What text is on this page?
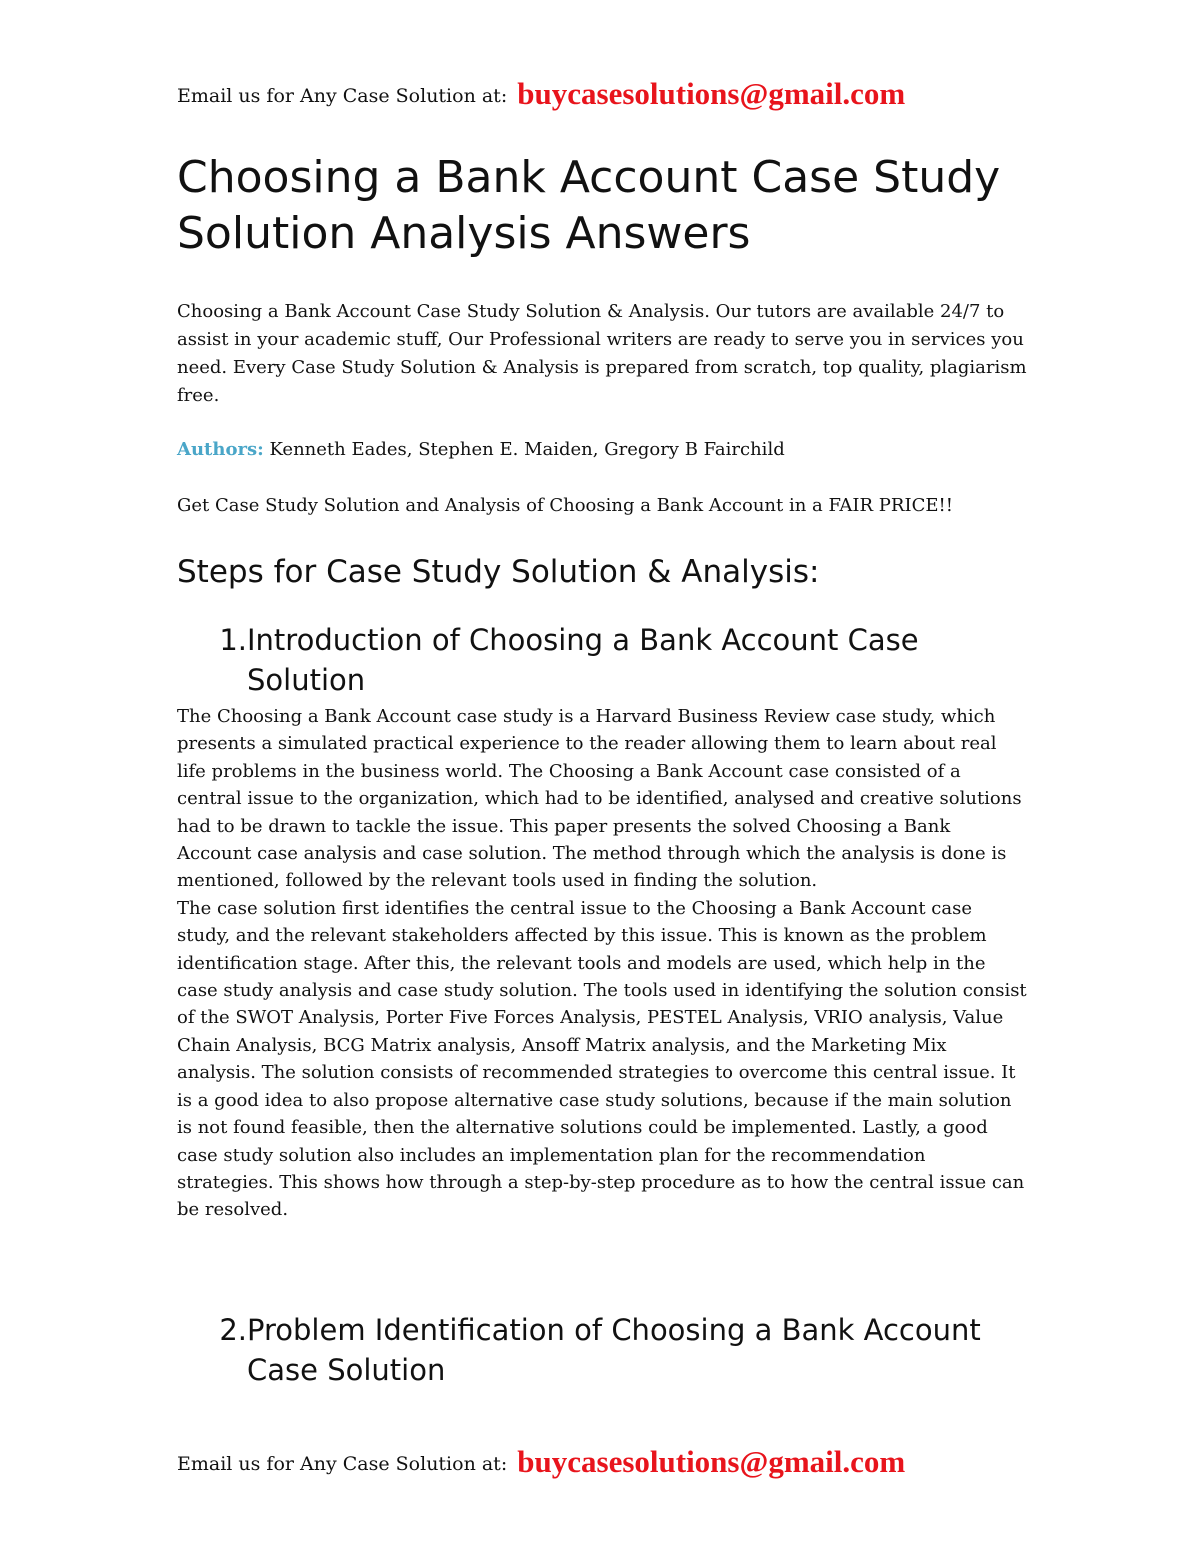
Email us for Any Case Solution at: buycasesolutions@gmail.com
Choosing a Bank Account Case Study Solution Analysis Answers

Choosing a Bank Account Case Study Solution & Analysis. Our tutors are available 24/7 to assist in your academic stuff, Our Professional writers are ready to serve you in services you need. Every Case Study Solution & Analysis is prepared from scratch, top quality, plagiarism free.

Authors: Kenneth Eades, Stephen E. Maiden, Gregory B Fairchild

Get Case Study Solution and Analysis of Choosing a Bank Account in a FAIR PRICE!!

Steps for Case Study Solution & Analysis:
1. Introduction of Choosing a Bank Account Case Solution

The Choosing a Bank Account case study is a Harvard Business Review case study, which presents a simulated practical experience to the reader allowing them to learn about real life problems in the business world. The Choosing a Bank Account case consisted of a central issue to the organization, which had to be identified, analysed and creative solutions had to be drawn to tackle the issue. This paper presents the solved Choosing a Bank Account case analysis and case solution. The method through which the analysis is done is mentioned, followed by the relevant tools used in finding the solution.

The case solution first identifies the central issue to the Choosing a Bank Account case study, and the relevant stakeholders affected by this issue. This is known as the problem identification stage. After this, the relevant tools and models are used, which help in the case study analysis and case study solution. The tools used in identifying the solution consist of the SWOT Analysis, Porter Five Forces Analysis, PESTEL Analysis, VRIO analysis, Value Chain Analysis, BCG Matrix analysis, Ansoff Matrix analysis, and the Marketing Mix analysis. The solution consists of recommended strategies to overcome this central issue. It is a good idea to also propose alternative case study solutions, because if the main solution is not found feasible, then the alternative solutions could be implemented. Lastly, a good case study solution also includes an implementation plan for the recommendation strategies. This shows how through a step-by-step procedure as to how the central issue can be resolved.

2. Problem Identification of Choosing a Bank Account Case Solution
Email us for Any Case Solution at: buycasesolutions@gmail.com
